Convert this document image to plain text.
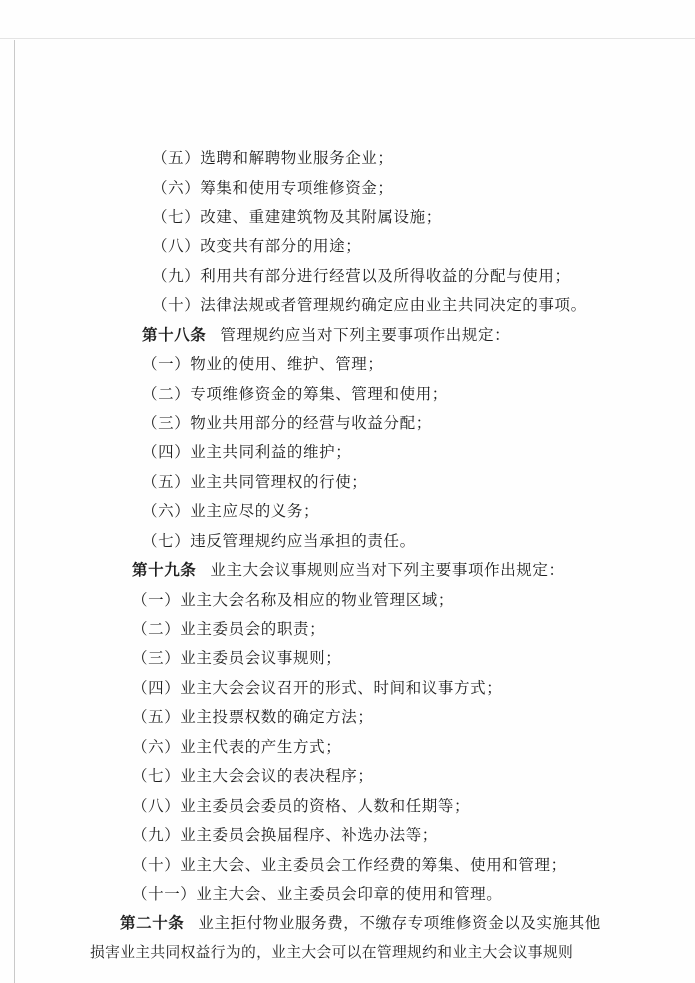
（五）选聘和解聘物业服务企业；
（六）筹集和使用专项维修资金；
（七）改建、重建建筑物及其附属设施；
（八）改变共有部分的用途；
（九）利用共有部分进行经营以及所得收益的分配与使用；
（十）法律法规或者管理规约确定应由业主共同决定的事项。
第十八条 管理规约应当对下列主要事项作出规定：
（一）物业的使用、维护、管理；
（二）专项维修资金的筹集、管理和使用；
（三）物业共用部分的经营与收益分配；
（四）业主共同利益的维护；
（五）业主共同管理权的行使；
（六）业主应尽的义务；
（七）违反管理规约应当承担的责任。
第十九条 业主大会议事规则应当对下列主要事项作出规定：
（一）业主大会名称及相应的物业管理区域；
（二）业主委员会的职责；
（三）业主委员会议事规则；
（四）业主大会会议召开的形式、时间和议事方式；
（五）业主投票权数的确定方法；
（六）业主代表的产生方式；
（七）业主大会会议的表决程序；
（八）业主委员会委员的资格、人数和任期等；
（九）业主委员会换届程序、补选办法等；
（十）业主大会、业主委员会工作经费的筹集、使用和管理；
（十一）业主大会、业主委员会印章的使用和管理。
第二十条 业主拒付物业服务费，不缴存专项维修资金以及实施其他
损害业主共同权益行为的，业主大会可以在管理规约和业主大会议事规则
